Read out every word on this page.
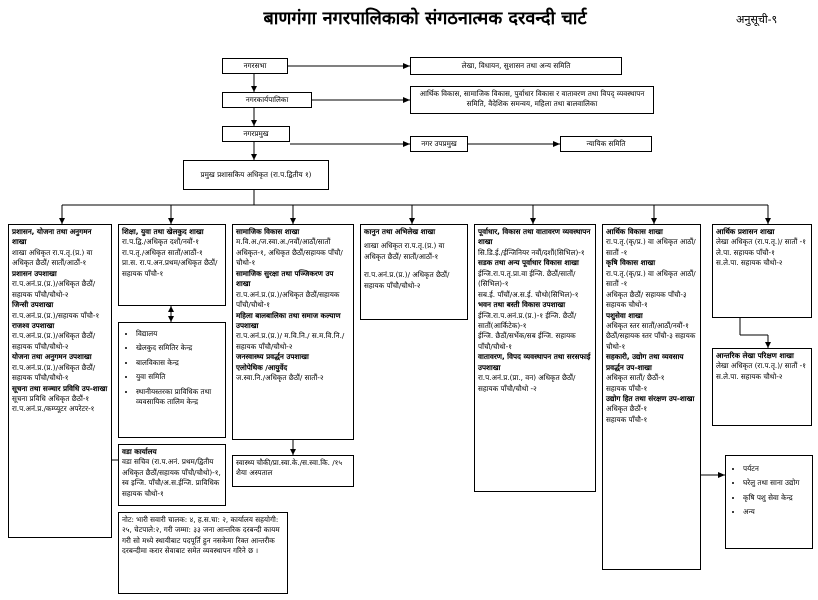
बाणगंगा नगरपालिकाको संगठनात्मक दरवन्दी चार्ट	अनुसूची-९
नगरसभा	लेखा, विधायन, सुशासन तथा अन्य समिति
नगरकार्यपालिका
आर्थिक विकास, सामाजिक विकास, पुर्वाधार विकास र वातावरण तथा विपद् व्यवस्थापन समिति, वैदेशिक समन्वय, महिला तथा बालवालिका
नगरप्रमुख
नगर उपप्रमुख	न्यायिक समिति
प्रमुख प्रशासकिय अधिकृत (रा.प.द्वितीय १)

प्रशासन, योजना तथा अनुगमन शाखा

शाखा अधिकृत रा.प.तृ.(प्र.) वा अधिकृत छैठौं/ सातौं/आठौं-१

प्रशासन उपशाखा

रा.प.अनं.प्र.(प्र.)/अधिकृत छैठौं/ सहायक पाँचौ/चौथो-२

जिन्सी उपशाखा

रा.प.अनं.प्र.(प्र.)/सहायक पाँचौ-१

राजश्व उपशाखा

रा.प.अनं.प्र.(प्र.)/अधिकृत छैठौं/ सहायक पाँचौ/चौथो-२

योजना तथा अनुगमन उपशाखा

रा.प.अनं.प्र.(प्र.)/अधिकृत छैठौं/ सहायक पाँचौ/चौथो-१

सूचना तथा सञ्चार प्रविधि उप-शाखा

सूचना प्रविधि अधिकृत छैठौं-१

रा.प.अनं.प्र./कम्प्यूटर अपरेटर-१

शिक्षा, युवा तथा खेलकुद शाखा

रा.प.द्वि./अधिकृत दशौं/नवौं-१

रा.प.तृ./अधिकृत सातौं/आठौं-१

प्रा.स. रा.प.अन.प्रथम/अधिकृत छैठौं/सहायक पाँचौ-१

• विद्यालय
• खेलकुद समितिर केन्द्र
• बालविकास केन्द्र
• युवा समिति
• स्थानीयस्तरका प्राविधिक तथा व्यवसायिक तालिम केन्द्र

वडा कार्यालय

वडा सचिव (रा.प.अनं. प्रथम/द्वितीय अधिकृत छैठौं/सहायक पाँचौ/चौथो)-१, स्व इन्जि. पाँचौ/अ.स.ईन्जि. प्राविधिक सहायक चौथो-१

नोट: भारी सवारी चालक: ४, ह.स.चा: २, कार्यालय सहयोगी: २५, चेटपाले:२, गरी जम्मा: ३३ जना आन्तरिक दरबन्दी कायम गरी सो मध्ये स्थायीबाट पदपूर्ति हुन नसकेमा रिक्त आन्तरीक दरबन्दीमा करार सेवाबाट समेत व्यवस्थापन गरिने छ ।

सामाजिक विकास शाखा

म.वि.अ./ज.स्वा.अ./नवौं/आठौं/सातौं अधिकृत-१, अधिकृत छैठौं/सहायक पाँचौ/चौथो-१

सामाजिक सुरक्षा तथा पञ्जिकरण उप शाखा

रा.प.अनं.प्र.(प्र.)/अधिकृत छैठौं/सहायक पाँचौ/चौथो-१

महिला बालबालिका तथा समाज कल्याण उपशाखा

रा.प.अनं.प्र.(प्र.)/ म.वि.नि./ स.म.वि.नि./ सहायक पाँचौ/चौथो-२

जनस्वास्थ्य प्रवर्द्धन उपशाखा

एलोपेथिक /आयुर्वेद

ज.स्वा.नि./अधिकृत छैठौं/ सातौं-२

स्वास्थ्य चौकी/प्रा.स्वा.के./स.स्वा.कि. /१५ शैया अस्पताल

कानुन तथा अभिलेख शाखा

शाखा अधिकृत रा.प.तृ.(प्र.) वा अधिकृत छैठौं/ सातौं/आठौं-१

रा.प.अनं.प्र.(प्र.)/ अधिकृत छैठौं/ सहायक पाँचौ/चौथो-२

पूर्वाधार, विकास तथा वातावरण व्यवस्थापन शाखा

सि.डि.ई./ईन्जिनियर नवौं/दशौं(सिभिल)-१

सडक तथा अन्य पूर्वाधार विकास शाखा

ईन्जि.रा.प.तृ.प्रा.वा ईन्जि. छैठौं/सातौं/ (सिभिल)-१

सब.ई. पाँचौं/अ.स.ई. चौथो(सिभिल)-१

भवन तथा बस्ती विकास उपशाखा

ईन्जि.रा.प.अनं.प्र.(प्र.)-१ ईन्जि. छैठौं/ सातौं(आर्किटेक)-१

ईन्जि. छैठौं/सर्भेक/सब ईन्जि. सहायक पाँचौ/चौथो-१

वातावरण, विपद व्यवस्थापन तथा सरसफाई उपशाखा

रा.प.अनं.प्र.(प्रा., वन) अधिकृत छैठौं/ सहायक पाँचौ/चौथो -२

आर्थिक विकास शाखा

रा.प.तृ.(कृ/प्र.) वा अधिकृत आठौं/सातौं -१

कृषि विकास शाखा

रा.प.तृ.(कृ/प्र.) वा अधिकृत आठौं/सातौं -१

अधिकृत छैठौं/ सहायक पाँचौ-३ सहायक चौथो-१

पशुसेवा शाखा

अधिकृत स्तर सातौं/आठौं/नवौं-१ छैठौं/सहायक स्तर पाँचौ-३ सहायक चौथो-१

सहकारी, उद्योग तथा व्यवसाय प्रवर्द्धन उप-शाखा

अधिकृत सातौं/ छैठौं-१

सहायक पाँचौ-१

उद्योग हित तथा संरक्षण उप-शाखा

अधिकृत छैठौं-१

सहायक पाँचौ-१

आर्थिक प्रशासन शाखा

लेखा अधिकृत (रा.प.तृ.)/ सातौं -१

ले.पा. सहायक पाँचौ-१

स.ले.पा. सहायक चौथो-२

आन्तरिक लेखा परिक्षण शाखा

लेखा अधिकृत (रा.प.तृ.)/ सातौं -१

स.ले.पा. सहायक चौथो-२

• पर्यटन
• घरेलु तथा साना उद्योग
• कृषि पशु सेवा केन्द्र
• अन्य
